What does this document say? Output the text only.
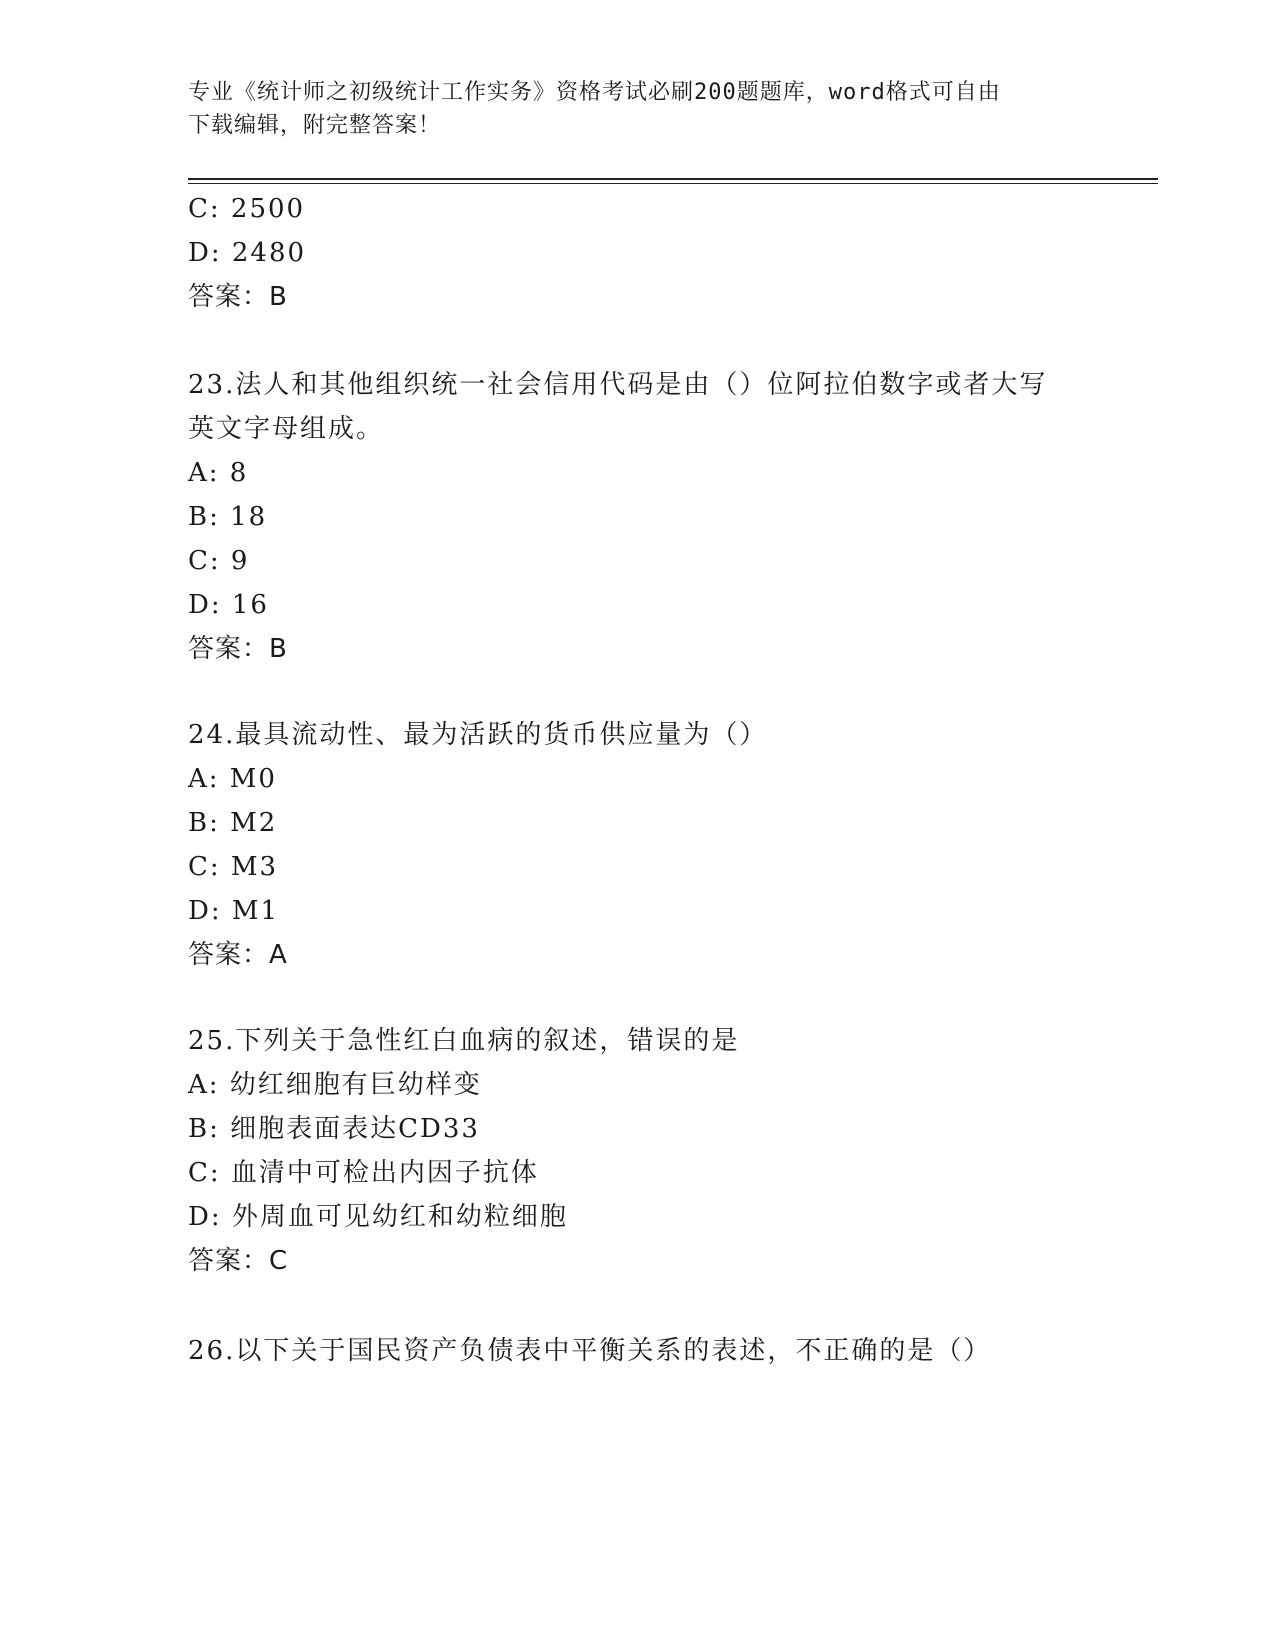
专业《统计师之初级统计工作实务》资格考试必刷200题题库，word格式可自由
下载编辑，附完整答案！
C: 2500
D: 2480
答案：B
23.法人和其他组织统一社会信用代码是由（）位阿拉伯数字或者大写
英文字母组成。
A: 8
B: 18
C: 9
D: 16
答案：B
24.最具流动性、最为活跃的货币供应量为（）
A: M0
B: M2
C: M3
D: M1
答案：A
25.下列关于急性红白血病的叙述，错误的是
A: 幼红细胞有巨幼样变
B: 细胞表面表达CD33
C: 血清中可检出内因子抗体
D: 外周血可见幼红和幼粒细胞
答案：C
26.以下关于国民资产负债表中平衡关系的表述，不正确的是（）
